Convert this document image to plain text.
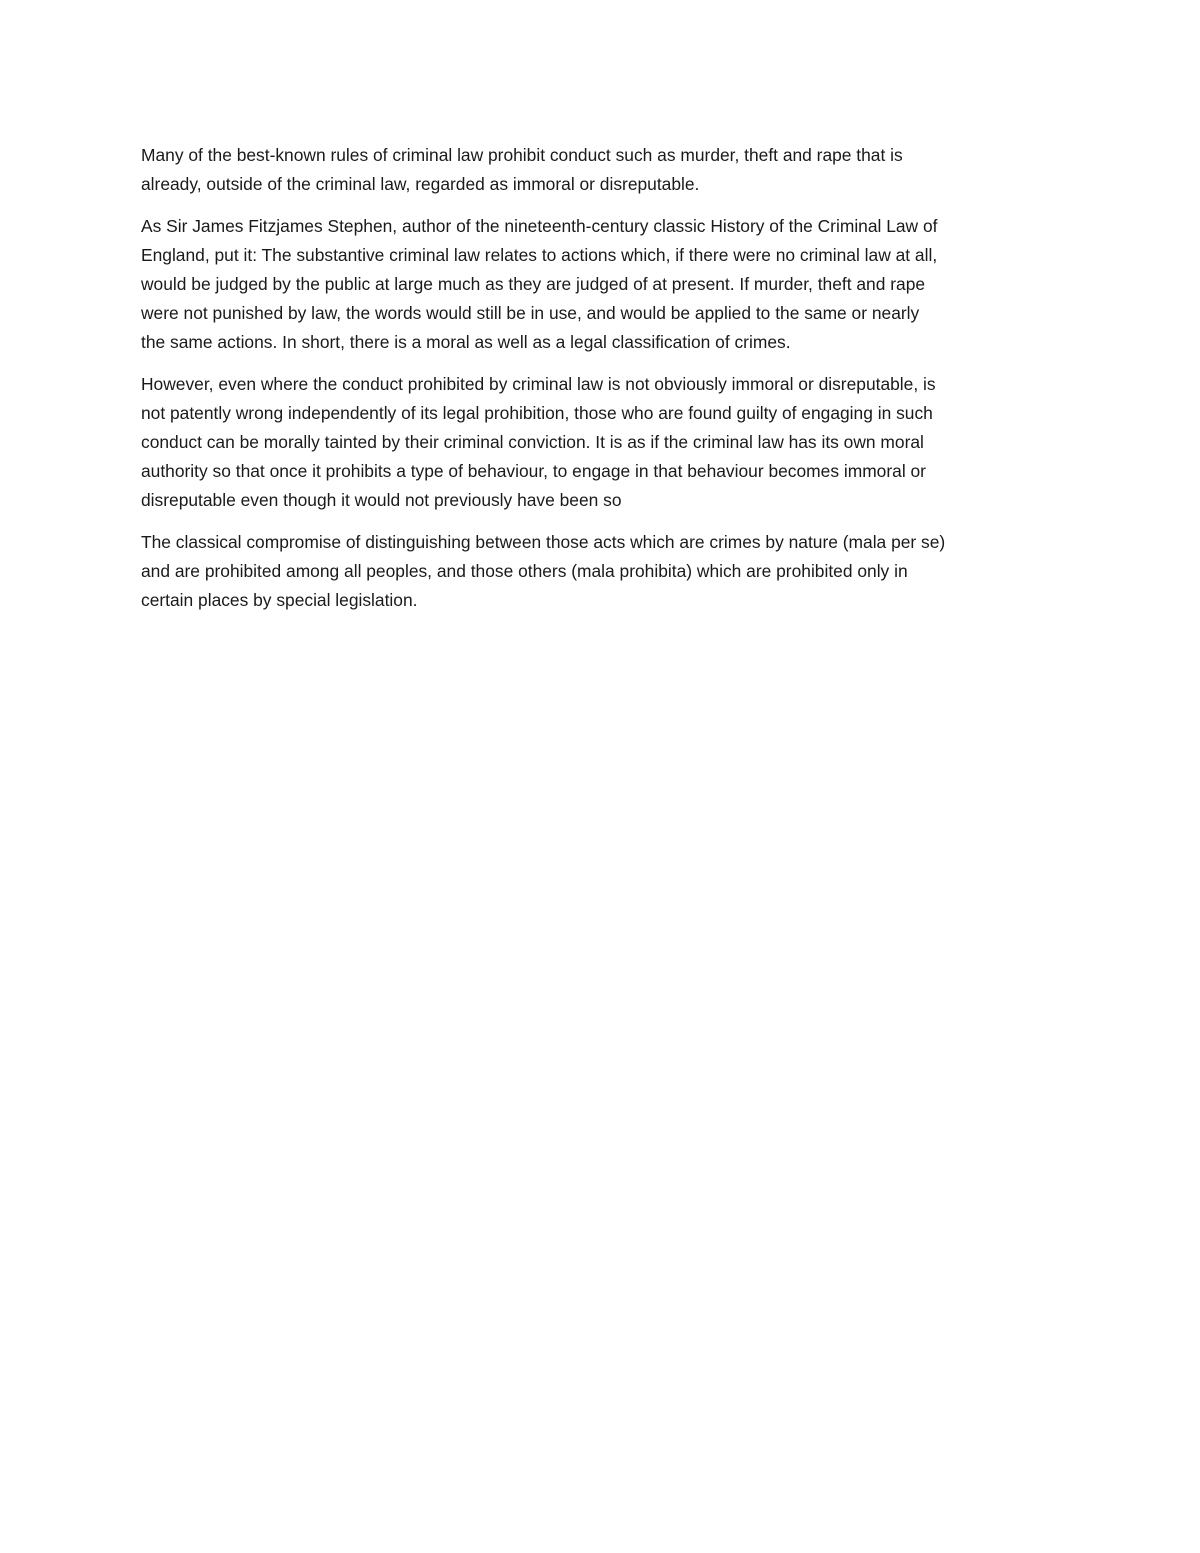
Many of the best-known rules of criminal law prohibit conduct such as murder, theft and rape that is
already, outside of the criminal law, regarded as immoral or disreputable.

As Sir James Fitzjames Stephen, author of the nineteenth-century classic History of the Criminal Law of
England, put it: The substantive criminal law relates to actions which, if there were no criminal law at all,
would be judged by the public at large much as they are judged of at present. If murder, theft and rape
were not punished by law, the words would still be in use, and would be applied to the same or nearly
the same actions. In short, there is a moral as well as a legal classification of crimes.

However, even where the conduct prohibited by criminal law is not obviously immoral or disreputable, is
not patently wrong independently of its legal prohibition, those who are found guilty of engaging in such
conduct can be morally tainted by their criminal conviction. It is as if the criminal law has its own moral
authority so that once it prohibits a type of behaviour, to engage in that behaviour becomes immoral or
disreputable even though it would not previously have been so

The classical compromise of distinguishing between those acts which are crimes by nature (mala per se)
and are prohibited among all peoples, and those others (mala prohibita) which are prohibited only in
certain places by special legislation.
